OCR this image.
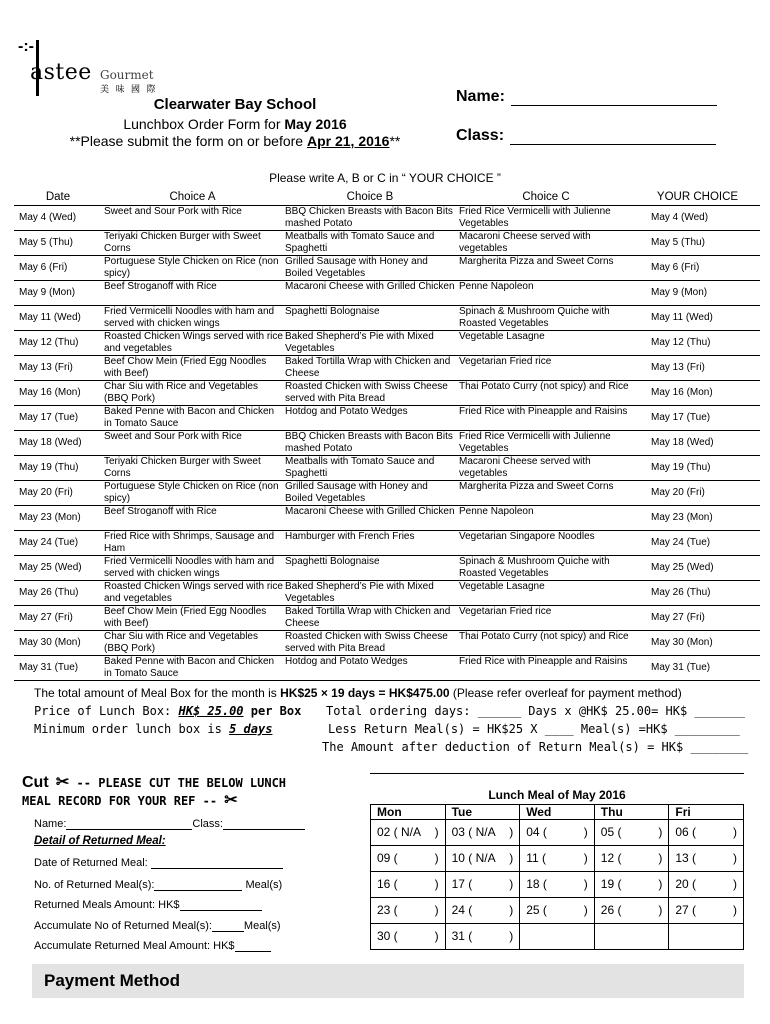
-:-
astee Gourmet
美 味 國 際
Clearwater Bay School
Lunchbox Order Form for May 2016
**Please submit the form on or before Apr 21, 2016**
Name:
Class:
Please write A, B or C in “ YOUR CHOICE ”
Date	Choice A	Choice B	Choice C	YOUR CHOICE
May 4 (Wed)	Sweet and Sour Pork with Rice	BBQ Chicken Breasts with Bacon Bits mashed Potato	Fried Rice Vermicelli with Julienne Vegetables	May 4 (Wed)
May 5 (Thu)	Teriyaki Chicken Burger with Sweet Corns	Meatballs with Tomato Sauce and Spaghetti	Macaroni Cheese served with vegetables	May 5 (Thu)
May 6 (Fri)	Portuguese Style Chicken on Rice (non spicy)	Grilled Sausage with Honey and Boiled Vegetables	Margherita Pizza and Sweet Corns	May 6 (Fri)
May 9 (Mon)	Beef Stroganoff with Rice	Macaroni Cheese with Grilled Chicken	Penne Napoleon	May 9 (Mon)
May 11 (Wed)	Fried Vermicelli Noodles with ham and served with chicken wings	Spaghetti Bolognaise	Spinach & Mushroom Quiche with Roasted Vegetables	May 11 (Wed)
May 12 (Thu)	Roasted Chicken Wings served with rice and vegetables	Baked Shepherd’s Pie with Mixed Vegetables	Vegetable Lasagne	May 12 (Thu)
May 13 (Fri)	Beef Chow Mein (Fried Egg Noodles with Beef)	Baked Tortilla Wrap with Chicken and Cheese	Vegetarian Fried rice	May 13 (Fri)
May 16 (Mon)	Char Siu with Rice and Vegetables (BBQ Pork)	Roasted Chicken with Swiss Cheese served with Pita Bread	Thai Potato Curry (not spicy) and Rice	May 16 (Mon)
May 17 (Tue)	Baked Penne with Bacon and Chicken in Tomato Sauce	Hotdog and Potato Wedges	Fried Rice with Pineapple and Raisins	May 17 (Tue)
May 18 (Wed)	Sweet and Sour Pork with Rice	BBQ Chicken Breasts with Bacon Bits mashed Potato	Fried Rice Vermicelli with Julienne Vegetables	May 18 (Wed)
May 19 (Thu)	Teriyaki Chicken Burger with Sweet Corns	Meatballs with Tomato Sauce and Spaghetti	Macaroni Cheese served with vegetables	May 19 (Thu)
May 20 (Fri)	Portuguese Style Chicken on Rice (non spicy)	Grilled Sausage with Honey and Boiled Vegetables	Margherita Pizza and Sweet Corns	May 20 (Fri)
May 23 (Mon)	Beef Stroganoff with Rice	Macaroni Cheese with Grilled Chicken	Penne Napoleon	May 23 (Mon)
May 24 (Tue)	Fried Rice with Shrimps, Sausage and Ham	Hamburger with French Fries	Vegetarian Singapore Noodles	May 24 (Tue)
May 25 (Wed)	Fried Vermicelli Noodles with ham and served with chicken wings	Spaghetti Bolognaise	Spinach & Mushroom Quiche with Roasted Vegetables	May 25 (Wed)
May 26 (Thu)	Roasted Chicken Wings served with rice and vegetables	Baked Shepherd’s Pie with Mixed Vegetables	Vegetable Lasagne	May 26 (Thu)
May 27 (Fri)	Beef Chow Mein (Fried Egg Noodles with Beef)	Baked Tortilla Wrap with Chicken and Cheese	Vegetarian Fried rice	May 27 (Fri)
May 30 (Mon)	Char Siu with Rice and Vegetables (BBQ Pork)	Roasted Chicken with Swiss Cheese served with Pita Bread	Thai Potato Curry (not spicy) and Rice	May 30 (Mon)
May 31 (Tue)	Baked Penne with Bacon and Chicken in Tomato Sauce	Hotdog and Potato Wedges	Fried Rice with Pineapple and Raisins	May 31 (Tue)
The total amount of Meal Box for the month is HK$25 × 19 days = HK$475.00 (Please refer overleaf for payment method)
Price of Lunch Box: HK$ 25.00 per Box
Minimum order lunch box is 5 days
Total ordering days: ______ Days x @HK$ 25.00= HK$ _______
Less Return Meal(s) = HK$25 X ____ Meal(s) =HK$ _________
The Amount after deduction of Return Meal(s) = HK$ ________
Cut ✂ -- PLEASE CUT THE BELOW LUNCH
MEAL RECORD FOR YOUR REF -- ✂
Name:	Class:
Detail of Returned Meal:
Date of Returned Meal:
No. of Returned Meal(s):	Meal(s)
Returned Meals Amount: HK$
Accumulate No of Returned Meal(s):	Meal(s)
Accumulate Returned Meal Amount: HK$
Lunch Meal of May 2016				
Mon	Tue	Wed	Thu	Fri

02 ( N/A )	03 ( N/A )	04 ( )	05 ( )	06 ( )

09 ( )	10 ( N/A )	11 ( )	12 ( )	13 ( )

16 ( )	17 ( )	18 ( )	19 ( )	20 ( )

23 ( )	24 ( )	25 ( )	26 ( )	27 ( )

30 ( )	31 ( )			

Payment Method
